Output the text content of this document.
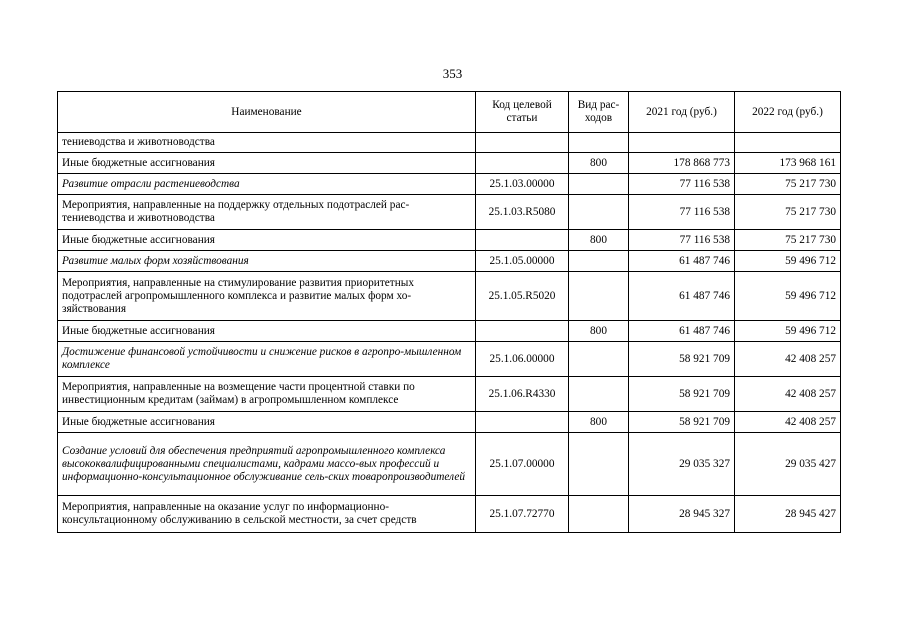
353
Наименование	Код целевой статьи	Вид рас-ходов	2021 год (руб.)	2022 год (руб.)
тениеводства и животноводства				
Иные бюджетные ассигнования		800	178 868 773	173 968 161
Развитие отрасли растениеводства	25.1.03.00000		77 116 538	75 217 730
Мероприятия, направленные на поддержку отдельных подотраслей рас-тениеводства и животноводства	25.1.03.R5080		77 116 538	75 217 730
Иные бюджетные ассигнования		800	77 116 538	75 217 730
Развитие малых форм хозяйствования	25.1.05.00000		61 487 746	59 496 712
Мероприятия, направленные на стимулирование развития приоритетных подотраслей агропромышленного комплекса и развитие малых форм хо-зяйствования	25.1.05.R5020		61 487 746	59 496 712
Иные бюджетные ассигнования		800	61 487 746	59 496 712
Достижение финансовой устойчивости и снижение рисков в агропро-мышленном комплексе	25.1.06.00000		58 921 709	42 408 257
Мероприятия, направленные на возмещение части процентной ставки по инвестиционным кредитам (займам) в агропромышленном комплексе	25.1.06.R4330		58 921 709	42 408 257
Иные бюджетные ассигнования		800	58 921 709	42 408 257
Создание условий для обеспечения предприятий агропромышленного комплекса высококвалифицированными специалистами, кадрами массо-вых профессий и информационно-консультационное обслуживание сель-ских товаропроизводителей	25.1.07.00000		29 035 327	29 035 427
Мероприятия, направленные на оказание услуг по информационно-консультационному обслуживанию в сельской местности, за счет средств	25.1.07.72770		28 945 327	28 945 427
